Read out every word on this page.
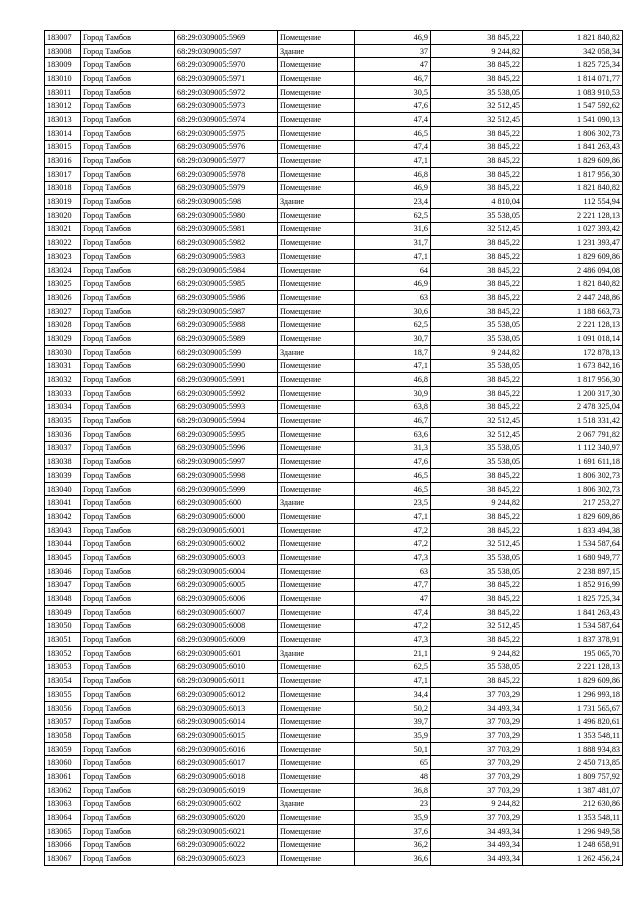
183007	Город Тамбов	68:29:0309005:5969	Помещение	46,9	38 845,22	1 821 840,82
183008	Город Тамбов	68:29:0309005:597	Здание	37	9 244,82	342 058,34
183009	Город Тамбов	68:29:0309005:5970	Помещение	47	38 845,22	1 825 725,34
183010	Город Тамбов	68:29:0309005:5971	Помещение	46,7	38 845,22	1 814 071,77
183011	Город Тамбов	68:29:0309005:5972	Помещение	30,5	35 538,05	1 083 910,53
183012	Город Тамбов	68:29:0309005:5973	Помещение	47,6	32 512,45	1 547 592,62
183013	Город Тамбов	68:29:0309005:5974	Помещение	47,4	32 512,45	1 541 090,13
183014	Город Тамбов	68:29:0309005:5975	Помещение	46,5	38 845,22	1 806 302,73
183015	Город Тамбов	68:29:0309005:5976	Помещение	47,4	38 845,22	1 841 263,43
183016	Город Тамбов	68:29:0309005:5977	Помещение	47,1	38 845,22	1 829 609,86
183017	Город Тамбов	68:29:0309005:5978	Помещение	46,8	38 845,22	1 817 956,30
183018	Город Тамбов	68:29:0309005:5979	Помещение	46,9	38 845,22	1 821 840,82
183019	Город Тамбов	68:29:0309005:598	Здание	23,4	4 810,04	112 554,94
183020	Город Тамбов	68:29:0309005:5980	Помещение	62,5	35 538,05	2 221 128,13
183021	Город Тамбов	68:29:0309005:5981	Помещение	31,6	32 512,45	1 027 393,42
183022	Город Тамбов	68:29:0309005:5982	Помещение	31,7	38 845,22	1 231 393,47
183023	Город Тамбов	68:29:0309005:5983	Помещение	47,1	38 845,22	1 829 609,86
183024	Город Тамбов	68:29:0309005:5984	Помещение	64	38 845,22	2 486 094,08
183025	Город Тамбов	68:29:0309005:5985	Помещение	46,9	38 845,22	1 821 840,82
183026	Город Тамбов	68:29:0309005:5986	Помещение	63	38 845,22	2 447 248,86
183027	Город Тамбов	68:29:0309005:5987	Помещение	30,6	38 845,22	1 188 663,73
183028	Город Тамбов	68:29:0309005:5988	Помещение	62,5	35 538,05	2 221 128,13
183029	Город Тамбов	68:29:0309005:5989	Помещение	30,7	35 538,05	1 091 018,14
183030	Город Тамбов	68:29:0309005:599	Здание	18,7	9 244,82	172 878,13
183031	Город Тамбов	68:29:0309005:5990	Помещение	47,1	35 538,05	1 673 842,16
183032	Город Тамбов	68:29:0309005:5991	Помещение	46,8	38 845,22	1 817 956,30
183033	Город Тамбов	68:29:0309005:5992	Помещение	30,9	38 845,22	1 200 317,30
183034	Город Тамбов	68:29:0309005:5993	Помещение	63,8	38 845,22	2 478 325,04
183035	Город Тамбов	68:29:0309005:5994	Помещение	46,7	32 512,45	1 518 331,42
183036	Город Тамбов	68:29:0309005:5995	Помещение	63,6	32 512,45	2 067 791,82
183037	Город Тамбов	68:29:0309005:5996	Помещение	31,3	35 538,05	1 112 340,97
183038	Город Тамбов	68:29:0309005:5997	Помещение	47,6	35 538,05	1 691 611,18
183039	Город Тамбов	68:29:0309005:5998	Помещение	46,5	38 845,22	1 806 302,73
183040	Город Тамбов	68:29:0309005:5999	Помещение	46,5	38 845,22	1 806 302,73
183041	Город Тамбов	68:29:0309005:600	Здание	23,5	9 244,82	217 253,27
183042	Город Тамбов	68:29:0309005:6000	Помещение	47,1	38 845,22	1 829 609,86
183043	Город Тамбов	68:29:0309005:6001	Помещение	47,2	38 845,22	1 833 494,38
183044	Город Тамбов	68:29:0309005:6002	Помещение	47,2	32 512,45	1 534 587,64
183045	Город Тамбов	68:29:0309005:6003	Помещение	47,3	35 538,05	1 680 949,77
183046	Город Тамбов	68:29:0309005:6004	Помещение	63	35 538,05	2 238 897,15
183047	Город Тамбов	68:29:0309005:6005	Помещение	47,7	38 845,22	1 852 916,99
183048	Город Тамбов	68:29:0309005:6006	Помещение	47	38 845,22	1 825 725,34
183049	Город Тамбов	68:29:0309005:6007	Помещение	47,4	38 845,22	1 841 263,43
183050	Город Тамбов	68:29:0309005:6008	Помещение	47,2	32 512,45	1 534 587,64
183051	Город Тамбов	68:29:0309005:6009	Помещение	47,3	38 845,22	1 837 378,91
183052	Город Тамбов	68:29:0309005:601	Здание	21,1	9 244,82	195 065,70
183053	Город Тамбов	68:29:0309005:6010	Помещение	62,5	35 538,05	2 221 128,13
183054	Город Тамбов	68:29:0309005:6011	Помещение	47,1	38 845,22	1 829 609,86
183055	Город Тамбов	68:29:0309005:6012	Помещение	34,4	37 703,29	1 296 993,18
183056	Город Тамбов	68:29:0309005:6013	Помещение	50,2	34 493,34	1 731 565,67
183057	Город Тамбов	68:29:0309005:6014	Помещение	39,7	37 703,29	1 496 820,61
183058	Город Тамбов	68:29:0309005:6015	Помещение	35,9	37 703,29	1 353 548,11
183059	Город Тамбов	68:29:0309005:6016	Помещение	50,1	37 703,29	1 888 934,83
183060	Город Тамбов	68:29:0309005:6017	Помещение	65	37 703,29	2 450 713,85
183061	Город Тамбов	68:29:0309005:6018	Помещение	48	37 703,29	1 809 757,92
183062	Город Тамбов	68:29:0309005:6019	Помещение	36,8	37 703,29	1 387 481,07
183063	Город Тамбов	68:29:0309005:602	Здание	23	9 244,82	212 630,86
183064	Город Тамбов	68:29:0309005:6020	Помещение	35,9	37 703,29	1 353 548,11
183065	Город Тамбов	68:29:0309005:6021	Помещение	37,6	34 493,34	1 296 949,58
183066	Город Тамбов	68:29:0309005:6022	Помещение	36,2	34 493,34	1 248 658,91
183067	Город Тамбов	68:29:0309005:6023	Помещение	36,6	34 493,34	1 262 456,24
